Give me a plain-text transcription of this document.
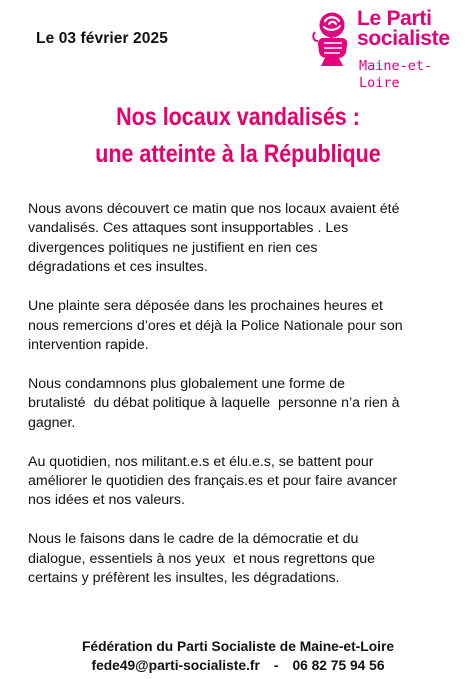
Le 03 février 2025
Le Parti
socialiste
Maine-et-
Loire
Nos locaux vandalisés :
une atteinte à la République

Nous avons découvert ce matin que nos locaux avaient été
vandalisés. Ces attaques sont insupportables . Les
divergences politiques ne justifient en rien ces
dégradations et ces insultes.

Une plainte sera déposée dans les prochaines heures et
nous remercions d’ores et déjà la Police Nationale pour son
intervention rapide.

Nous condamnons plus globalement une forme de
brutalisté  du débat politique à laquelle  personne n’a rien à
gagner.

Au quotidien, nos militant.e.s et élu.e.s, se battent pour
améliorer le quotidien des français.es et pour faire avancer
nos idées et nos valeurs.

Nous le faisons dans le cadre de la démocratie et du
dialogue, essentiels à nos yeux  et nous regrettons que
certains y préfèrent les insultes, les dégradations.

Fédération du Parti Socialiste de Maine-et-Loire
fede49@parti-socialiste.fr - 06 82 75 94 56
